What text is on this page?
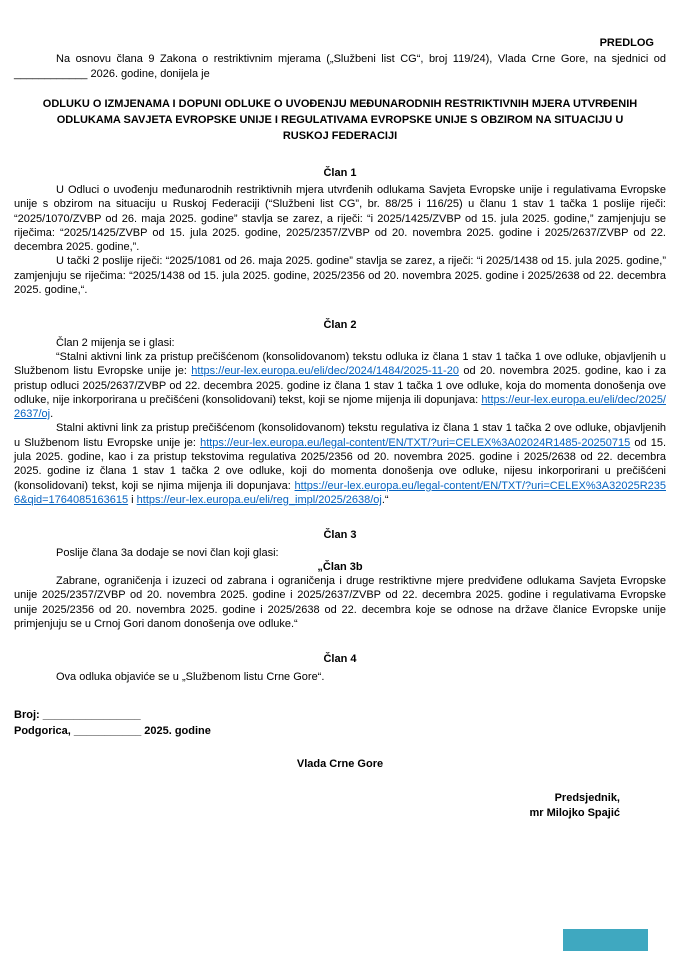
PREDLOG

Na osnovu člana 9 Zakona o restriktivnim mjerama („Službeni list CG“, broj 119/24), Vlada Crne Gore, na sjednici od ____________ 2026. godine, donijela je

ODLUKU O IZMJENAMA I DOPUNI ODLUKE O UVOĐENJU MEĐUNARODNIH RESTRIKTIVNIH MJERA UTVRĐENIH ODLUKAMA SAVJETA EVROPSKE UNIJE I REGULATIVAMA EVROPSKE UNIJE S OBZIROM NA SITUACIJU U RUSKOJ FEDERACIJI
Član 1

U Odluci o uvođenju međunarodnih restriktivnih mjera utvrđenih odlukama Savjeta Evropske unije i regulativama Evropske unije s obzirom na situaciju u Ruskoj Federaciji (“Službeni list CG”, br. 88/25 i 116/25) u članu 1 stav 1 tačka 1 poslije riječi: “2025/1070/ZVBP od 26. maja 2025. godine” stavlja se zarez, a riječi: “i 2025/1425/ZVBP od 15. jula 2025. godine,” zamjenjuju se riječima: “2025/1425/ZVBP od 15. jula 2025. godine, 2025/2357/ZVBP od 20. novembra 2025. godine i 2025/2637/ZVBP od 22. decembra 2025. godine,”.

U tački 2 poslije riječi: “2025/1081 od 26. maja 2025. godine” stavlja se zarez, a riječi: “i 2025/1438 od 15. jula 2025. godine,” zamjenjuju se riječima: “2025/1438 od 15. jula 2025. godine, 2025/2356 od 20. novembra 2025. godine i 2025/2638 od 22. decembra 2025. godine,“.

Član 2

Član 2 mijenja se i glasi:

“Stalni aktivni link za pristup prečišćenom (konsolidovanom) tekstu odluka iz člana 1 stav 1 tačka 1 ove odluke, objavljenih u Službenom listu Evropske unije je: https://eur-lex.europa.eu/eli/dec/2024/1484/2025-11-20 od 20. novembra 2025. godine, kao i za pristup odluci 2025/2637/ZVBP od 22. decembra 2025. godine iz člana 1 stav 1 tačka 1 ove odluke, koja do momenta donošenja ove odluke, nije inkorporirana u prečišćeni (konsolidovani) tekst, koji se njome mijenja ili dopunjava: https://eur-lex.europa.eu/eli/dec/2025/2637/oj.

Stalni aktivni link za pristup prečišćenom (konsolidovanom) tekstu regulativa iz člana 1 stav 1 tačka 2 ove odluke, objavljenih u Službenom listu Evropske unije je: https://eur-lex.europa.eu/legal-content/EN/TXT/?uri=CELEX%3A02024R1485-20250715 od 15. jula 2025. godine, kao i za pristup tekstovima regulativa 2025/2356 od 20. novembra 2025. godine i 2025/2638 od 22. decembra 2025. godine iz člana 1 stav 1 tačka 2 ove odluke, koji do momenta donošenja ove odluke, nijesu inkorporirani u prečišćeni (konsolidovani) tekst, koji se njima mijenja ili dopunjava: https://eur-lex.europa.eu/legal-content/EN/TXT/?uri=CELEX%3A32025R2356&qid=1764085163615 i https://eur-lex.europa.eu/eli/reg_impl/2025/2638/oj.“

Član 3

Poslije člana 3a dodaje se novi član koji glasi:

„Član 3b

Zabrane, ograničenja i izuzeci od zabrana i ograničenja i druge restriktivne mjere predviđene odlukama Savjeta Evropske unije 2025/2357/ZVBP od 20. novembra 2025. godine i 2025/2637/ZVBP od 22. decembra 2025. godine i regulativama Evropske unije 2025/2356 od 20. novembra 2025. godine i 2025/2638 od 22. decembra koje se odnose na države članice Evropske unije primjenjuju se u Crnoj Gori danom donošenja ove odluke.“

Član 4

Ova odluka objaviće se u „Službenom listu Crne Gore“.

Broj: ________________
Podgorica, ___________ 2025. godine
Vlada Crne Gore
Predsjednik,
mr Milojko Spajić
